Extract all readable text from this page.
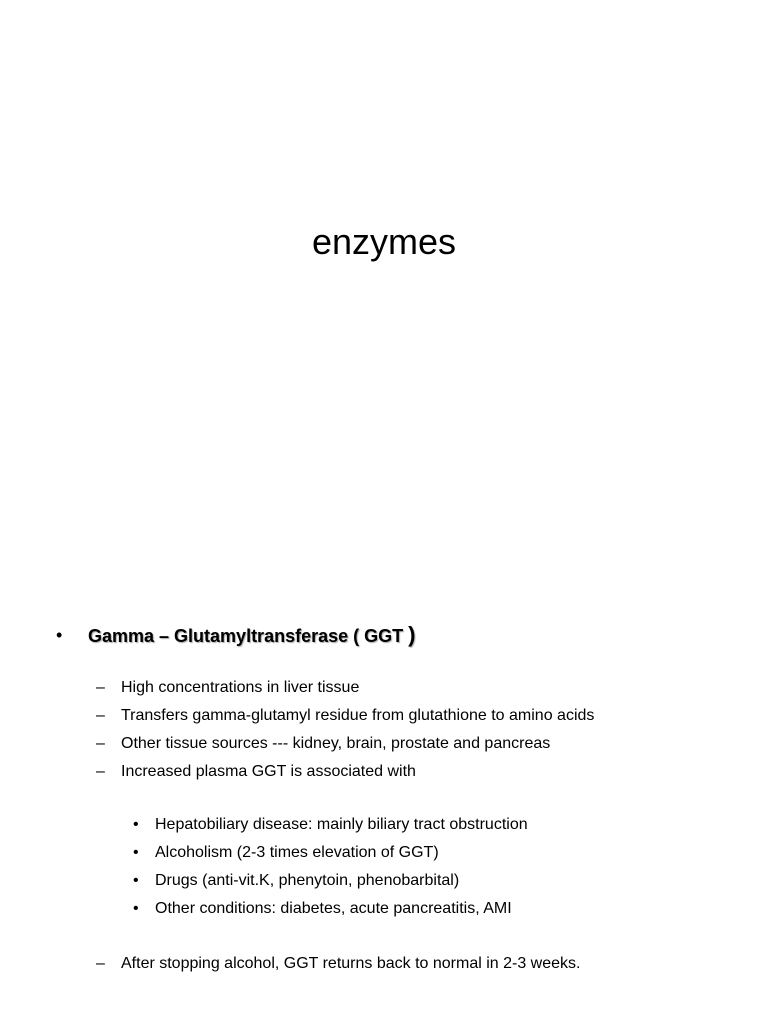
enzymes
• Gamma – Glutamyltransferase ( GGT )
– High concentrations in liver tissue
– Transfers gamma-glutamyl residue from glutathione to amino acids
– Other tissue sources --- kidney, brain, prostate and pancreas
– Increased plasma GGT is associated with
• Hepatobiliary disease: mainly biliary tract obstruction
• Alcoholism (2-3 times elevation of GGT)
• Drugs (anti-vit.K, phenytoin, phenobarbital)
• Other conditions: diabetes, acute pancreatitis, AMI
– After stopping alcohol, GGT returns back to normal in 2-3 weeks.
